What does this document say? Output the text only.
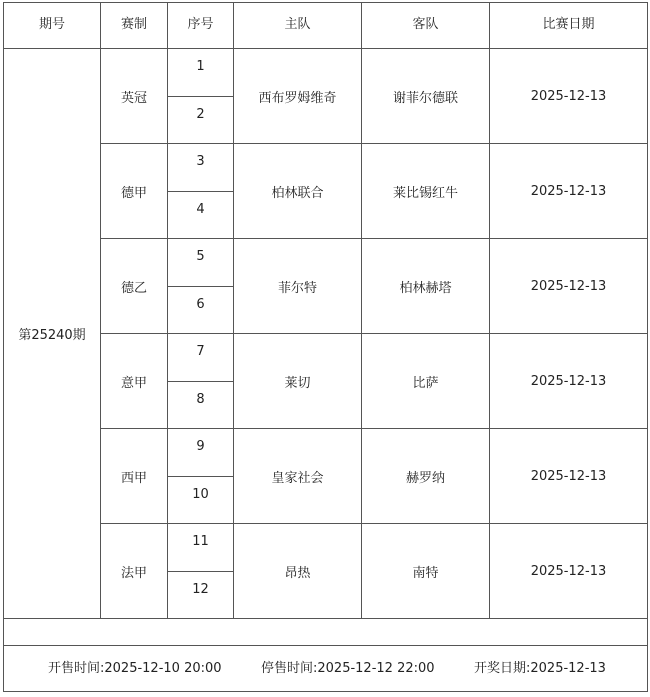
期号	赛制	序号	主队	客队	比赛日期

第25240期	英冠	1	西布罗姆维奇	谢菲尔德联	2025-12-13

		2			

	德甲	3	柏林联合	莱比锡红牛	2025-12-13

		4			

	德乙	5	菲尔特	柏林赫塔	2025-12-13

		6			

	意甲	7	莱切	比萨	2025-12-13

		8			

	西甲	9	皇家社会	赫罗纳	2025-12-13

		10			

	法甲	11	昂热	南特	2025-12-13

		12			

开售时间:2025-12-10 20:00 停售时间:2025-12-12 22:00 开奖日期:2025-12-13					
